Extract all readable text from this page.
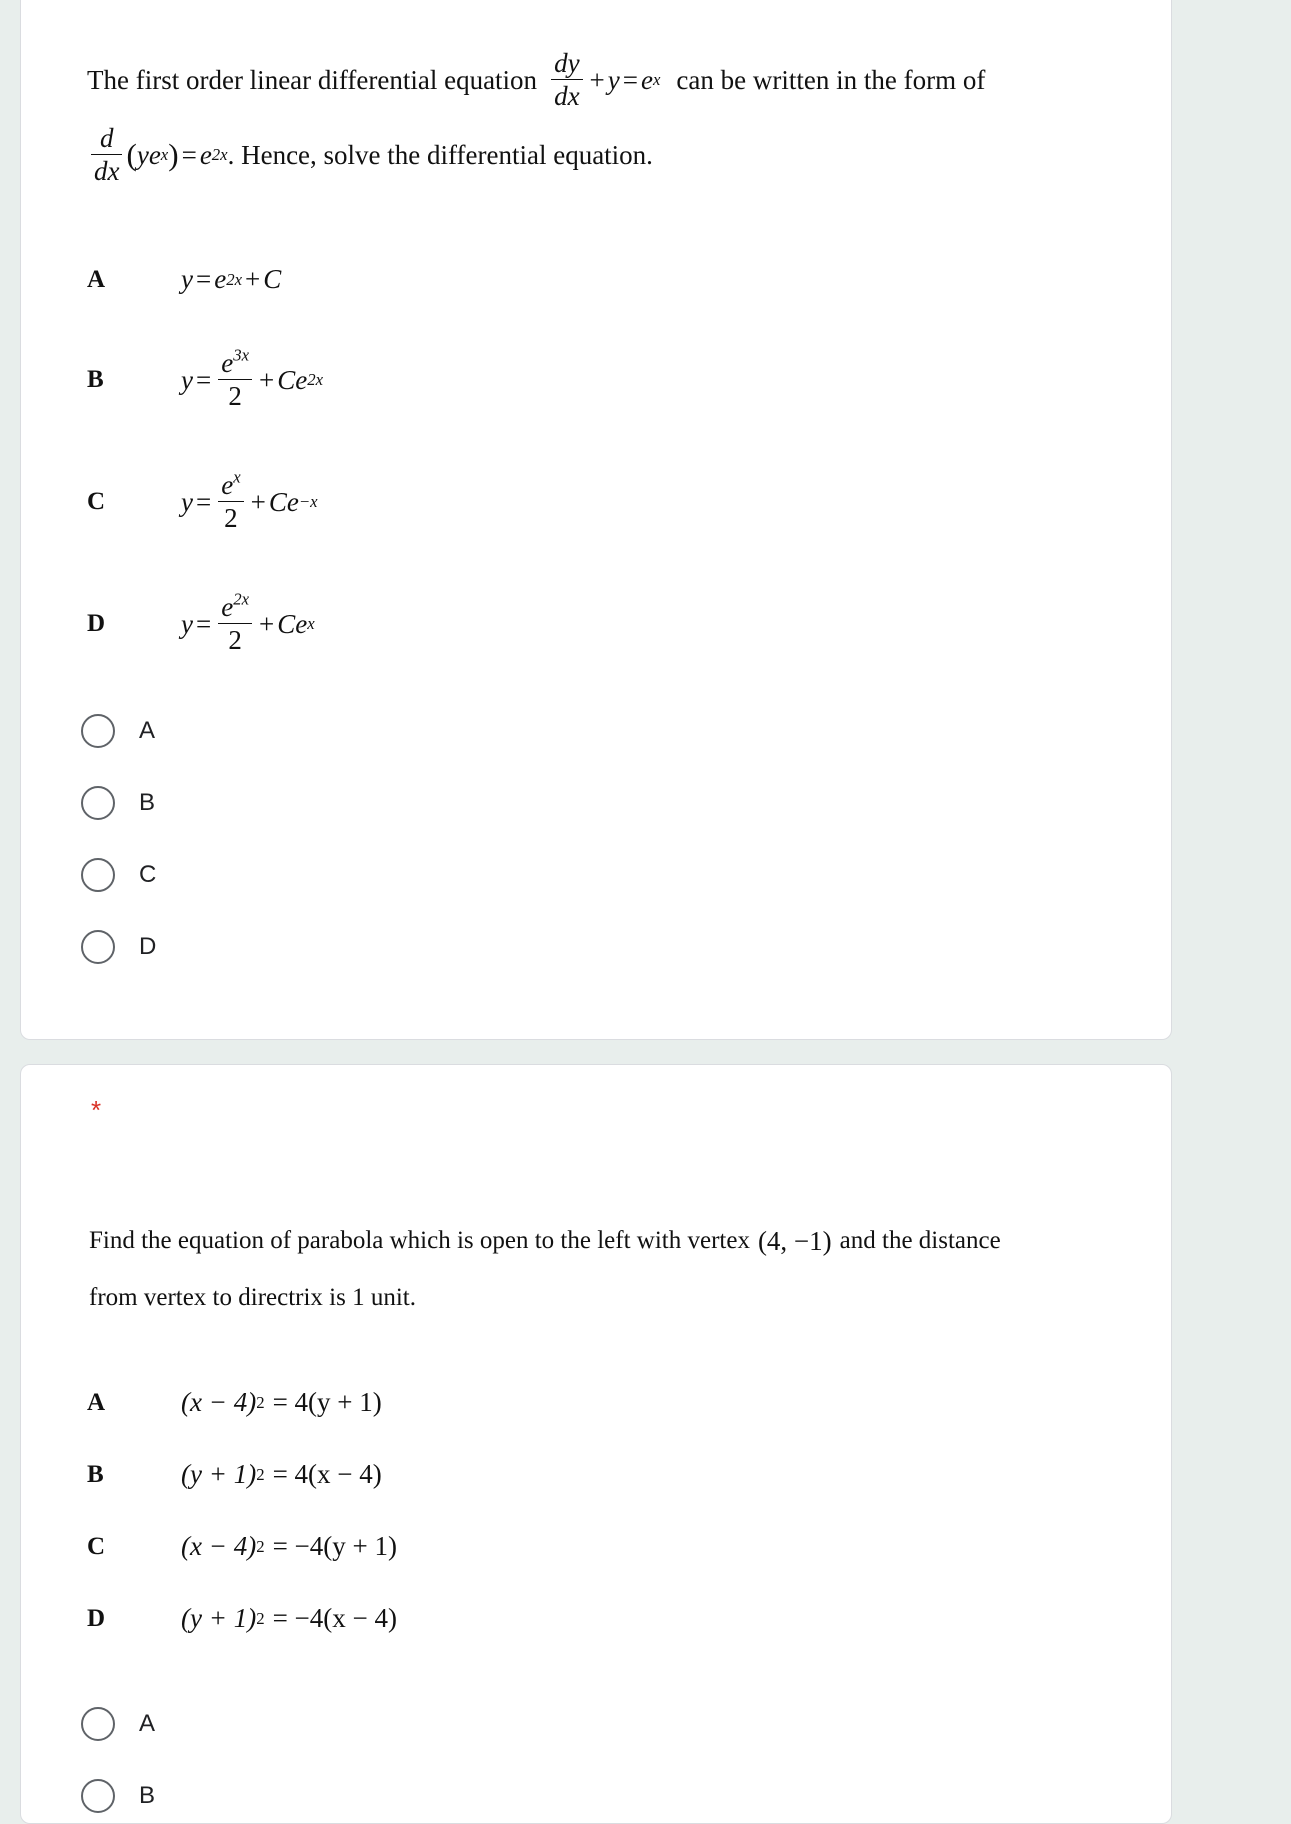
The first order linear differential equation $\frac{dy}{dx} + y = e$ x can be written in the form of
$\frac{d}{dx}$ ( y e x ) = e 2x . Hence, solve the differential equation.
A	y = e 2x + C
B	$y = \frac{e^{3x}}{2} + Ce$ 2x
C	$y = \frac{e^x}{2} + Ce -x$
D	$y = \frac{e^{2x}}{2} + Ce$ x
A
B
C
D
*
Find the equation of parabola which is open to the left with vertex (4, −1) and the distance
from vertex to directrix is 1 unit.
A	(x − 4) 2 = 4(y + 1)
B	(y + 1) 2 = 4(x − 4)
C	(x − 4) 2 = −4(y + 1)
D	(y + 1) 2 = −4(x − 4)
A
B
